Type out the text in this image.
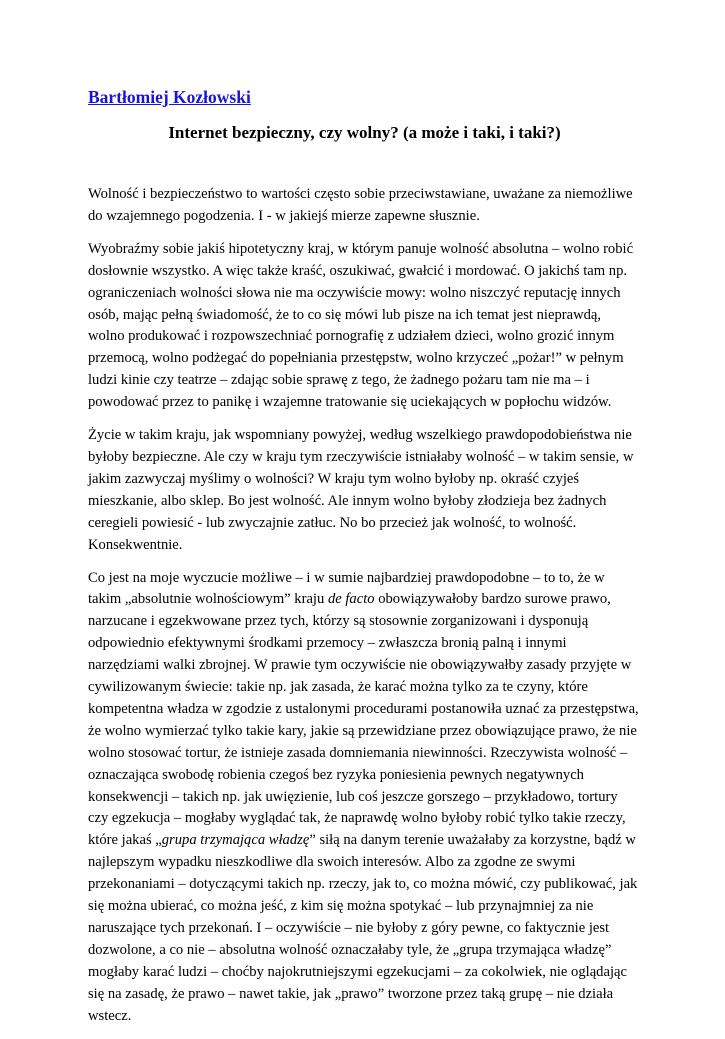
Bartłomiej Kozłowski
Internet bezpieczny, czy wolny? (a może i taki, i taki?)
Wolność i bezpieczeństwo to wartości często sobie przeciwstawiane, uważane za niemożliwe
do wzajemnego pogodzenia. I - w jakiejś mierze zapewne słusznie.
Wyobraźmy sobie jakiś hipotetyczny kraj, w którym panuje wolność absolutna – wolno robić
dosłownie wszystko. A więc także kraść, oszukiwać, gwałcić i mordować. O jakichś tam np.
ograniczeniach wolności słowa nie ma oczywiście mowy: wolno niszczyć reputację innych
osób, mając pełną świadomość, że to co się mówi lub pisze na ich temat jest nieprawdą,
wolno produkować i rozpowszechniać pornografię z udziałem dzieci, wolno grozić innym
przemocą, wolno podżegać do popełniania przestępstw, wolno krzyczeć „pożar!” w pełnym
ludzi kinie czy teatrze – zdając sobie sprawę z tego, że żadnego pożaru tam nie ma – i
powodować przez to panikę i wzajemne tratowanie się uciekających w popłochu widzów.
Życie w takim kraju, jak wspomniany powyżej, według wszelkiego prawdopodobieństwa nie
byłoby bezpieczne. Ale czy w kraju tym rzeczywiście istniałaby wolność – w takim sensie, w
jakim zazwyczaj myślimy o wolności? W kraju tym wolno byłoby np. okraść czyjeś
mieszkanie, albo sklep. Bo jest wolność. Ale innym wolno byłoby złodzieja bez żadnych
ceregieli powiesić - lub zwyczajnie zatłuc. No bo przecież jak wolność, to wolność.
Konsekwentnie.
Co jest na moje wyczucie możliwe – i w sumie najbardziej prawdopodobne – to to, że w
takim „absolutnie wolnościowym” kraju de facto obowiązywałoby bardzo surowe prawo,
narzucane i egzekwowane przez tych, którzy są stosownie zorganizowani i dysponują
odpowiednio efektywnymi środkami przemocy – zwłaszcza bronią palną i innymi
narzędziami walki zbrojnej. W prawie tym oczywiście nie obowiązywałby zasady przyjęte w
cywilizowanym świecie: takie np. jak zasada, że karać można tylko za te czyny, które
kompetentna władza w zgodzie z ustalonymi procedurami postanowiła uznać za przestępstwa,
że wolno wymierzać tylko takie kary, jakie są przewidziane przez obowiązujące prawo, że nie
wolno stosować tortur, że istnieje zasada domniemania niewinności. Rzeczywista wolność –
oznaczająca swobodę robienia czegoś bez ryzyka poniesienia pewnych negatywnych
konsekwencji – takich np. jak uwięzienie, lub coś jeszcze gorszego – przykładowo, tortury
czy egzekucja – mogłaby wyglądać tak, że naprawdę wolno byłoby robić tylko takie rzeczy,
które jakaś „grupa trzymająca władzę” siłą na danym terenie uważałaby za korzystne, bądź w
najlepszym wypadku nieszkodliwe dla swoich interesów. Albo za zgodne ze swymi
przekonaniami – dotyczącymi takich np. rzeczy, jak to, co można mówić, czy publikować, jak
się można ubierać, co można jeść, z kim się można spotykać – lub przynajmniej za nie
naruszające tych przekonań. I – oczywiście – nie byłoby z góry pewne, co faktycznie jest
dozwolone, a co nie – absolutna wolność oznaczałaby tyle, że „grupa trzymająca władzę”
mogłaby karać ludzi – choćby najokrutniejszymi egzekucjami – za cokolwiek, nie oglądając
się na zasadę, że prawo – nawet takie, jak „prawo” tworzone przez taką grupę – nie działa
wstecz.
